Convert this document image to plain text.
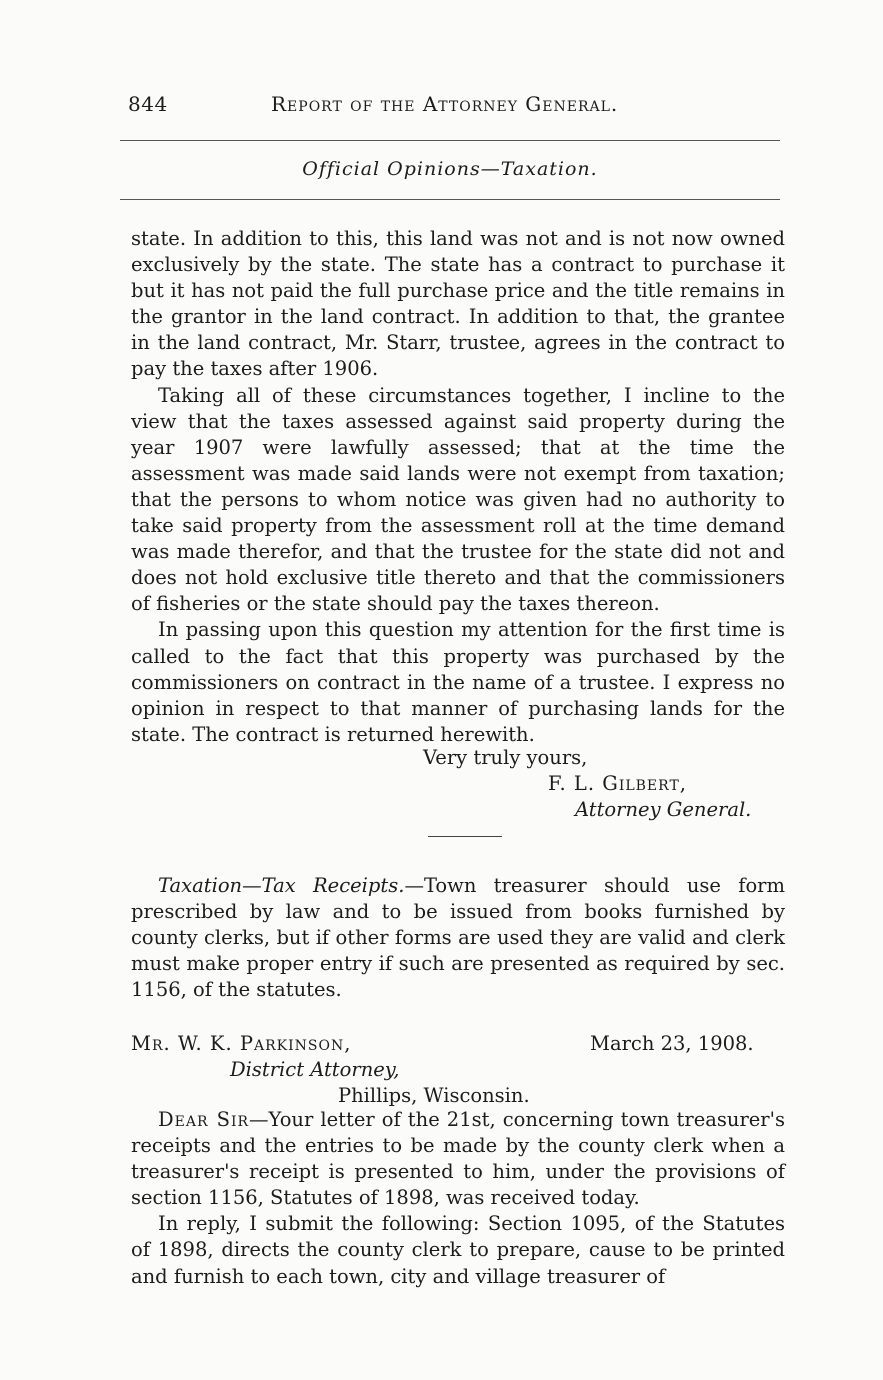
844	Report of the Attorney General.
Official Opinions—Taxation.

state. In addition to this, this land was not and is not now owned exclusively by the state. The state has a contract to purchase it but it has not paid the full purchase price and the title remains in the grantor in the land contract. In addition to that, the grantee in the land contract, Mr. Starr, trustee, agrees in the contract to pay the taxes after 1906.

Taking all of these circumstances together, I incline to the view that the taxes assessed against said property during the year 1907 were lawfully assessed; that at the time the assessment was made said lands were not exempt from taxation; that the persons to whom notice was given had no authority to take said property from the assessment roll at the time demand was made therefor, and that the trustee for the state did not and does not hold exclusive title thereto and that the commissioners of fisheries or the state should pay the taxes thereon.

In passing upon this question my attention for the first time is called to the fact that this property was purchased by the commissioners on contract in the name of a trustee. I express no opinion in respect to that manner of purchasing lands for the state. The contract is returned herewith.

Very truly yours,
F. L. Gilbert,
Attorney General.

Taxation—Tax Receipts.—Town treasurer should use form prescribed by law and to be issued from books furnished by county clerks, but if other forms are used they are valid and clerk must make proper entry if such are presented as required by sec. 1156, of the statutes.

Mr. W. K. Parkinson,	March 23, 1908.
District Attorney,
Phillips, Wisconsin.

Dear Sir—Your letter of the 21st, concerning town treasurer's receipts and the entries to be made by the county clerk when a treasurer's receipt is presented to him, under the provisions of section 1156, Statutes of 1898, was received today.

In reply, I submit the following: Section 1095, of the Statutes of 1898, directs the county clerk to prepare, cause to be printed and furnish to each town, city and village treasurer of
